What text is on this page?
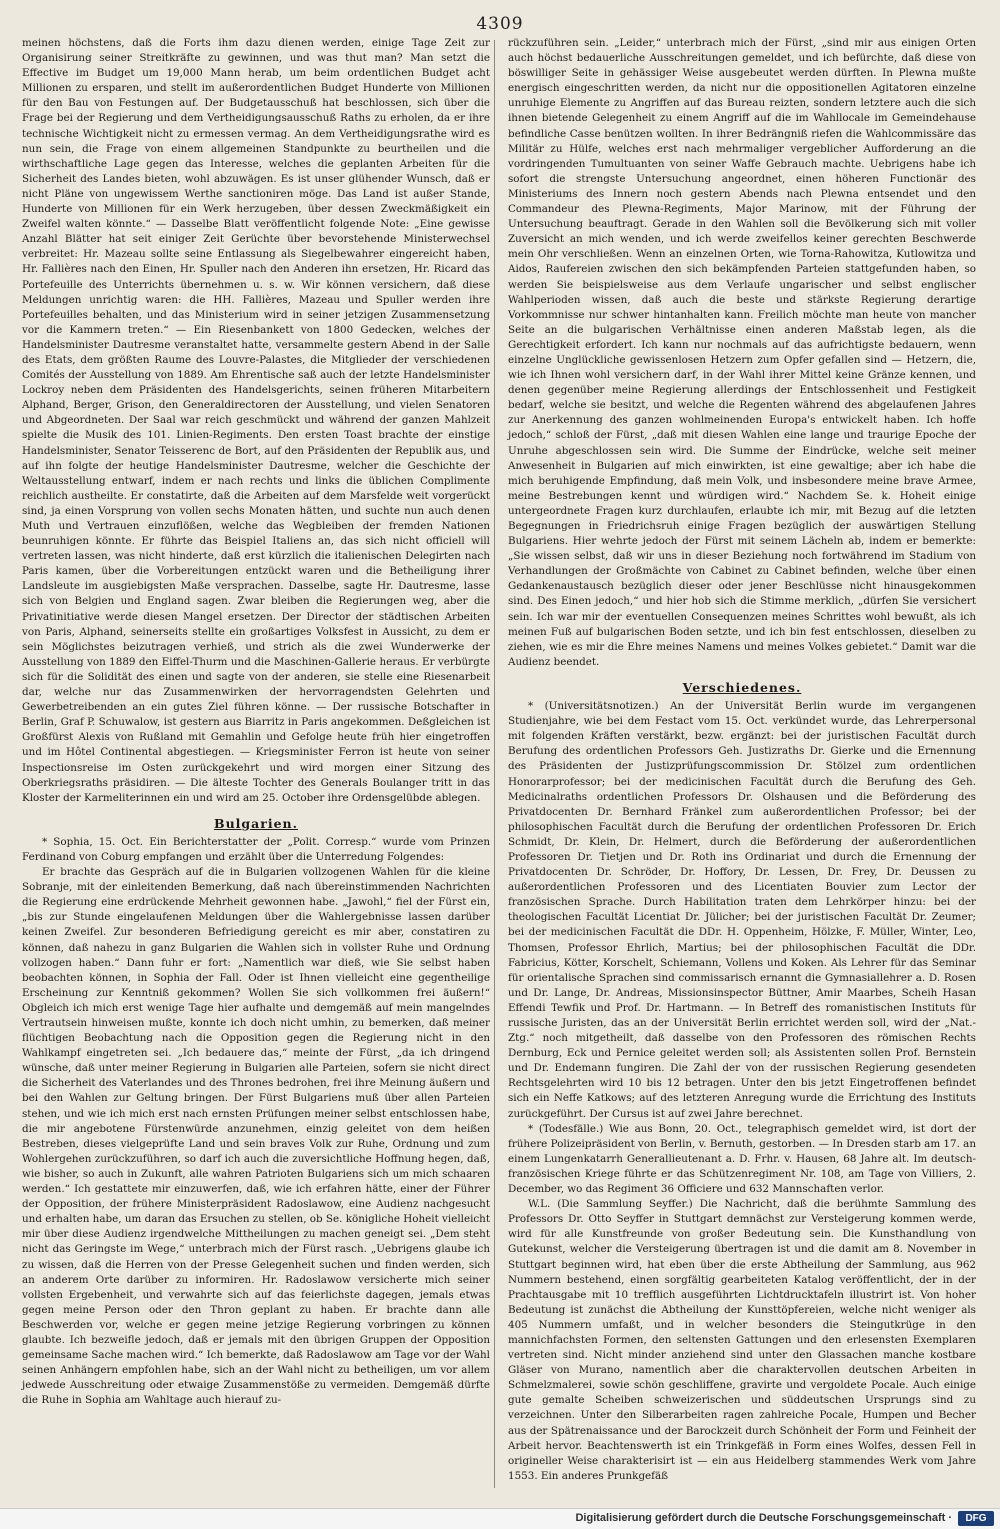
4309

meinen höchstens, daß die Forts ihm dazu dienen werden, einige Tage Zeit zur Organisirung seiner Streitkräfte zu gewinnen, und was thut man? Man setzt die Effective im Budget um 19,000 Mann herab, um beim ordentlichen Budget acht Millionen zu ersparen, und stellt im außerordentlichen Budget Hunderte von Millionen für den Bau von Festungen auf. Der Budgetausschuß hat beschlossen, sich über die Frage bei der Regierung und dem Vertheidigungsausschuß Raths zu erholen, da er ihre technische Wichtigkeit nicht zu ermessen vermag. An dem Vertheidigungsrathe wird es nun sein, die Frage von einem allgemeinen Standpunkte zu beurtheilen und die wirthschaftliche Lage gegen das Interesse, welches die geplanten Arbeiten für die Sicherheit des Landes bieten, wohl abzuwägen. Es ist unser glühender Wunsch, daß er nicht Pläne von ungewissem Werthe sanctioniren möge. Das Land ist außer Stande, Hunderte von Millionen für ein Werk herzugeben, über dessen Zweckmäßigkeit ein Zweifel walten könnte.“ — Dasselbe Blatt veröffentlicht folgende Note: „Eine gewisse Anzahl Blätter hat seit einiger Zeit Gerüchte über bevorstehende Ministerwechsel verbreitet: Hr. Mazeau sollte seine Entlassung als Siegelbewahrer eingereicht haben, Hr. Fallières nach den Einen, Hr. Spuller nach den Anderen ihn ersetzen, Hr. Ricard das Portefeuille des Unterrichts übernehmen u. s. w. Wir können versichern, daß diese Meldungen unrichtig waren: die HH. Fallières, Mazeau und Spuller werden ihre Portefeuilles behalten, und das Ministerium wird in seiner jetzigen Zusammensetzung vor die Kammern treten.“ — Ein Riesenbankett von 1800 Gedecken, welches der Handelsminister Dautresme veranstaltet hatte, versammelte gestern Abend in der Salle des Etats, dem größten Raume des Louvre-Palastes, die Mitglieder der verschiedenen Comités der Ausstellung von 1889. Am Ehrentische saß auch der letzte Handelsminister Lockroy neben dem Präsidenten des Handelsgerichts, seinen früheren Mitarbeitern Alphand, Berger, Grison, den Generaldirectoren der Ausstellung, und vielen Senatoren und Abgeordneten. Der Saal war reich geschmückt und während der ganzen Mahlzeit spielte die Musik des 101. Linien-Regiments. Den ersten Toast brachte der einstige Handelsminister, Senator Teisserenc de Bort, auf den Präsidenten der Republik aus, und auf ihn folgte der heutige Handelsminister Dautresme, welcher die Geschichte der Weltausstellung entwarf, indem er nach rechts und links die üblichen Complimente reichlich austheilte. Er constatirte, daß die Arbeiten auf dem Marsfelde weit vorgerückt sind, ja einen Vorsprung von vollen sechs Monaten hätten, und suchte nun auch denen Muth und Vertrauen einzuflößen, welche das Wegbleiben der fremden Nationen beunruhigen könnte. Er führte das Beispiel Italiens an, das sich nicht officiell will vertreten lassen, was nicht hinderte, daß erst kürzlich die italienischen Delegirten nach Paris kamen, über die Vorbereitungen entzückt waren und die Betheiligung ihrer Landsleute im ausgiebigsten Maße versprachen. Dasselbe, sagte Hr. Dautresme, lasse sich von Belgien und England sagen. Zwar bleiben die Regierungen weg, aber die Privatinitiative werde diesen Mangel ersetzen. Der Director der städtischen Arbeiten von Paris, Alphand, seinerseits stellte ein großartiges Volksfest in Aussicht, zu dem er sein Möglichstes beizutragen verhieß, und strich als die zwei Wunderwerke der Ausstellung von 1889 den Eiffel-Thurm und die Maschinen-Gallerie heraus. Er verbürgte sich für die Solidität des einen und sagte von der anderen, sie stelle eine Riesenarbeit dar, welche nur das Zusammenwirken der hervorragendsten Gelehrten und Gewerbetreibenden an ein gutes Ziel führen könne. — Der russische Botschafter in Berlin, Graf P. Schuwalow, ist gestern aus Biarritz in Paris angekommen. Deßgleichen ist Großfürst Alexis von Rußland mit Gemahlin und Gefolge heute früh hier eingetroffen und im Hôtel Continental abgestiegen. — Kriegsminister Ferron ist heute von seiner Inspectionsreise im Osten zurückgekehrt und wird morgen einer Sitzung des Oberkriegsraths präsidiren. — Die älteste Tochter des Generals Boulanger tritt in das Kloster der Karmeliterinnen ein und wird am 25. October ihre Ordensgelübde ablegen.

Bulgarien.

* Sophia, 15. Oct. Ein Berichterstatter der „Polit. Corresp.“ wurde vom Prinzen Ferdinand von Coburg empfangen und erzählt über die Unterredung Folgendes:

Er brachte das Gespräch auf die in Bulgarien vollzogenen Wahlen für die kleine Sobranje, mit der einleitenden Bemerkung, daß nach übereinstimmenden Nachrichten die Regierung eine erdrückende Mehrheit gewonnen habe. „Jawohl,“ fiel der Fürst ein, „bis zur Stunde eingelaufenen Meldungen über die Wahlergebnisse lassen darüber keinen Zweifel. Zur besonderen Befriedigung gereicht es mir aber, constatiren zu können, daß nahezu in ganz Bulgarien die Wahlen sich in vollster Ruhe und Ordnung vollzogen haben.“ Dann fuhr er fort: „Namentlich war dieß, wie Sie selbst haben beobachten können, in Sophia der Fall. Oder ist Ihnen vielleicht eine gegentheilige Erscheinung zur Kenntniß gekommen? Wollen Sie sich vollkommen frei äußern!“ Obgleich ich mich erst wenige Tage hier aufhalte und demgemäß auf mein mangelndes Vertrautsein hinweisen mußte, konnte ich doch nicht umhin, zu bemerken, daß meiner flüchtigen Beobachtung nach die Opposition gegen die Regierung nicht in den Wahlkampf eingetreten sei. „Ich bedauere das,“ meinte der Fürst, „da ich dringend wünsche, daß unter meiner Regierung in Bulgarien alle Parteien, sofern sie nicht direct die Sicherheit des Vaterlandes und des Thrones bedrohen, frei ihre Meinung äußern und bei den Wahlen zur Geltung bringen. Der Fürst Bulgariens muß über allen Parteien stehen, und wie ich mich erst nach ernsten Prüfungen meiner selbst entschlossen habe, die mir angebotene Fürstenwürde anzunehmen, einzig geleitet von dem heißen Bestreben, dieses vielgeprüfte Land und sein braves Volk zur Ruhe, Ordnung und zum Wohlergehen zurückzuführen, so darf ich auch die zuversichtliche Hoffnung hegen, daß, wie bisher, so auch in Zukunft, alle wahren Patrioten Bulgariens sich um mich schaaren werden.“ Ich gestattete mir einzuwerfen, daß, wie ich erfahren hätte, einer der Führer der Opposition, der frühere Ministerpräsident Radoslawow, eine Audienz nachgesucht und erhalten habe, um daran das Ersuchen zu stellen, ob Se. königliche Hoheit vielleicht mir über diese Audienz irgendwelche Mittheilungen zu machen geneigt sei. „Dem steht nicht das Geringste im Wege,“ unterbrach mich der Fürst rasch. „Uebrigens glaube ich zu wissen, daß die Herren von der Presse Gelegenheit suchen und finden werden, sich an anderem Orte darüber zu informiren. Hr. Radoslawow versicherte mich seiner vollsten Ergebenheit, und verwahrte sich auf das feierlichste dagegen, jemals etwas gegen meine Person oder den Thron geplant zu haben. Er brachte dann alle Beschwerden vor, welche er gegen meine jetzige Regierung vorbringen zu können glaubte. Ich bezweifle jedoch, daß er jemals mit den übrigen Gruppen der Opposition gemeinsame Sache machen wird.“ Ich bemerkte, daß Radoslawow am Tage vor der Wahl seinen Anhängern empfohlen habe, sich an der Wahl nicht zu betheiligen, um vor allem jedwede Ausschreitung oder etwaige Zusammenstöße zu vermeiden. Demgemäß dürfte die Ruhe in Sophia am Wahltage auch hierauf zu-

rückzuführen sein. „Leider,“ unterbrach mich der Fürst, „sind mir aus einigen Orten auch höchst bedauerliche Ausschreitungen gemeldet, und ich befürchte, daß diese von böswilliger Seite in gehässiger Weise ausgebeutet werden dürften. In Plewna mußte energisch eingeschritten werden, da nicht nur die oppositionellen Agitatoren einzelne unruhige Elemente zu Angriffen auf das Bureau reizten, sondern letztere auch die sich ihnen bietende Gelegenheit zu einem Angriff auf die im Wahllocale im Gemeindehause befindliche Casse benützen wollten. In ihrer Bedrängniß riefen die Wahlcommissäre das Militär zu Hülfe, welches erst nach mehrmaliger vergeblicher Aufforderung an die vordringenden Tumultuanten von seiner Waffe Gebrauch machte. Uebrigens habe ich sofort die strengste Untersuchung angeordnet, einen höheren Functionär des Ministeriums des Innern noch gestern Abends nach Plewna entsendet und den Commandeur des Plewna-Regiments, Major Marinow, mit der Führung der Untersuchung beauftragt. Gerade in den Wahlen soll die Bevölkerung sich mit voller Zuversicht an mich wenden, und ich werde zweifellos keiner gerechten Beschwerde mein Ohr verschließen. Wenn an einzelnen Orten, wie Torna-Rahowitza, Kutlowitza und Aidos, Raufereien zwischen den sich bekämpfenden Parteien stattgefunden haben, so werden Sie beispielsweise aus dem Verlaufe ungarischer und selbst englischer Wahlperioden wissen, daß auch die beste und stärkste Regierung derartige Vorkommnisse nur schwer hintanhalten kann. Freilich möchte man heute von mancher Seite an die bulgarischen Verhältnisse einen anderen Maßstab legen, als die Gerechtigkeit erfordert. Ich kann nur nochmals auf das aufrichtigste bedauern, wenn einzelne Unglückliche gewissenlosen Hetzern zum Opfer gefallen sind — Hetzern, die, wie ich Ihnen wohl versichern darf, in der Wahl ihrer Mittel keine Gränze kennen, und denen gegenüber meine Regierung allerdings der Entschlossenheit und Festigkeit bedarf, welche sie besitzt, und welche die Regenten während des abgelaufenen Jahres zur Anerkennung des ganzen wohlmeinenden Europa's entwickelt haben. Ich hoffe jedoch,“ schloß der Fürst, „daß mit diesen Wahlen eine lange und traurige Epoche der Unruhe abgeschlossen sein wird. Die Summe der Eindrücke, welche seit meiner Anwesenheit in Bulgarien auf mich einwirkten, ist eine gewaltige; aber ich habe die mich beruhigende Empfindung, daß mein Volk, und insbesondere meine brave Armee, meine Bestrebungen kennt und würdigen wird.“ Nachdem Se. k. Hoheit einige untergeordnete Fragen kurz durchlaufen, erlaubte ich mir, mit Bezug auf die letzten Begegnungen in Friedrichsruh einige Fragen bezüglich der auswärtigen Stellung Bulgariens. Hier wehrte jedoch der Fürst mit seinem Lächeln ab, indem er bemerkte: „Sie wissen selbst, daß wir uns in dieser Beziehung noch fortwährend im Stadium von Verhandlungen der Großmächte von Cabinet zu Cabinet befinden, welche über einen Gedankenaustausch bezüglich dieser oder jener Beschlüsse nicht hinausgekommen sind. Des Einen jedoch,“ und hier hob sich die Stimme merklich, „dürfen Sie versichert sein. Ich war mir der eventuellen Consequenzen meines Schrittes wohl bewußt, als ich meinen Fuß auf bulgarischen Boden setzte, und ich bin fest entschlossen, dieselben zu ziehen, wie es mir die Ehre meines Namens und meines Volkes gebietet.“ Damit war die Audienz beendet.

Verschiedenes.

* (Universitätsnotizen.) An der Universität Berlin wurde im vergangenen Studienjahre, wie bei dem Festact vom 15. Oct. verkündet wurde, das Lehrerpersonal mit folgenden Kräften verstärkt, bezw. ergänzt: bei der juristischen Facultät durch Berufung des ordentlichen Professors Geh. Justizraths Dr. Gierke und die Ernennung des Präsidenten der Justizprüfungscommission Dr. Stölzel zum ordentlichen Honorarprofessor; bei der medicinischen Facultät durch die Berufung des Geh. Medicinalraths ordentlichen Professors Dr. Olshausen und die Beförderung des Privatdocenten Dr. Bernhard Fränkel zum außerordentlichen Professor; bei der philosophischen Facultät durch die Berufung der ordentlichen Professoren Dr. Erich Schmidt, Dr. Klein, Dr. Helmert, durch die Beförderung der außerordentlichen Professoren Dr. Tietjen und Dr. Roth ins Ordinariat und durch die Ernennung der Privatdocenten Dr. Schröder, Dr. Hoffory, Dr. Lessen, Dr. Frey, Dr. Deussen zu außerordentlichen Professoren und des Licentiaten Bouvier zum Lector der französischen Sprache. Durch Habilitation traten dem Lehrkörper hinzu: bei der theologischen Facultät Licentiat Dr. Jülicher; bei der juristischen Facultät Dr. Zeumer; bei der medicinischen Facultät die DDr. H. Oppenheim, Hölzke, F. Müller, Winter, Leo, Thomsen, Professor Ehrlich, Martius; bei der philosophischen Facultät die DDr. Fabricius, Kötter, Korschelt, Schiemann, Vollens und Koken. Als Lehrer für das Seminar für orientalische Sprachen sind commissarisch ernannt die Gymnasiallehrer a. D. Rosen und Dr. Lange, Dr. Andreas, Missionsinspector Büttner, Amir Maarbes, Scheih Hasan Effendi Tewfik und Prof. Dr. Hartmann. — In Betreff des romanistischen Instituts für russische Juristen, das an der Universität Berlin errichtet werden soll, wird der „Nat.-Ztg.“ noch mitgetheilt, daß dasselbe von den Professoren des römischen Rechts Dernburg, Eck und Pernice geleitet werden soll; als Assistenten sollen Prof. Bernstein und Dr. Endemann fungiren. Die Zahl der von der russischen Regierung gesendeten Rechtsgelehrten wird 10 bis 12 betragen. Unter den bis jetzt Eingetroffenen befindet sich ein Neffe Katkows; auf des letzteren Anregung wurde die Errichtung des Instituts zurückgeführt. Der Cursus ist auf zwei Jahre berechnet.

* (Todesfälle.) Wie aus Bonn, 20. Oct., telegraphisch gemeldet wird, ist dort der frühere Polizeipräsident von Berlin, v. Bernuth, gestorben. — In Dresden starb am 17. an einem Lungenkatarrh Generallieutenant a. D. Frhr. v. Hausen, 68 Jahre alt. Im deutsch-französischen Kriege führte er das Schützenregiment Nr. 108, am Tage von Villiers, 2. December, wo das Regiment 36 Officiere und 632 Mannschaften verlor.

W.L. (Die Sammlung Seyffer.) Die Nachricht, daß die berühmte Sammlung des Professors Dr. Otto Seyffer in Stuttgart demnächst zur Versteigerung kommen werde, wird für alle Kunstfreunde von großer Bedeutung sein. Die Kunsthandlung von Gutekunst, welcher die Versteigerung übertragen ist und die damit am 8. November in Stuttgart beginnen wird, hat eben über die erste Abtheilung der Sammlung, aus 962 Nummern bestehend, einen sorgfältig gearbeiteten Katalog veröffentlicht, der in der Prachtausgabe mit 10 trefflich ausgeführten Lichtdrucktafeln illustrirt ist. Von hoher Bedeutung ist zunächst die Abtheilung der Kunsttöpfereien, welche nicht weniger als 405 Nummern umfaßt, und in welcher besonders die Steingutkrüge in den mannichfachsten Formen, den seltensten Gattungen und den erlesensten Exemplaren vertreten sind. Nicht minder anziehend sind unter den Glassachen manche kostbare Gläser von Murano, namentlich aber die charaktervollen deutschen Arbeiten in Schmelzmalerei, sowie schön geschliffene, gravirte und vergoldete Pocale. Auch einige gute gemalte Scheiben schweizerischen und süddeutschen Ursprungs sind zu verzeichnen. Unter den Silberarbeiten ragen zahlreiche Pocale, Humpen und Becher aus der Spätrenaissance und der Barockzeit durch Schönheit der Form und Feinheit der Arbeit hervor. Beachtenswerth ist ein Trinkgefäß in Form eines Wolfes, dessen Fell in origineller Weise charakterisirt ist — ein aus Heidelberg stammendes Werk vom Jahre 1553. Ein anderes Prunkgefäß

Digitalisierung gefördert durch die Deutsche Forschungsgemeinschaft ·	DFG
